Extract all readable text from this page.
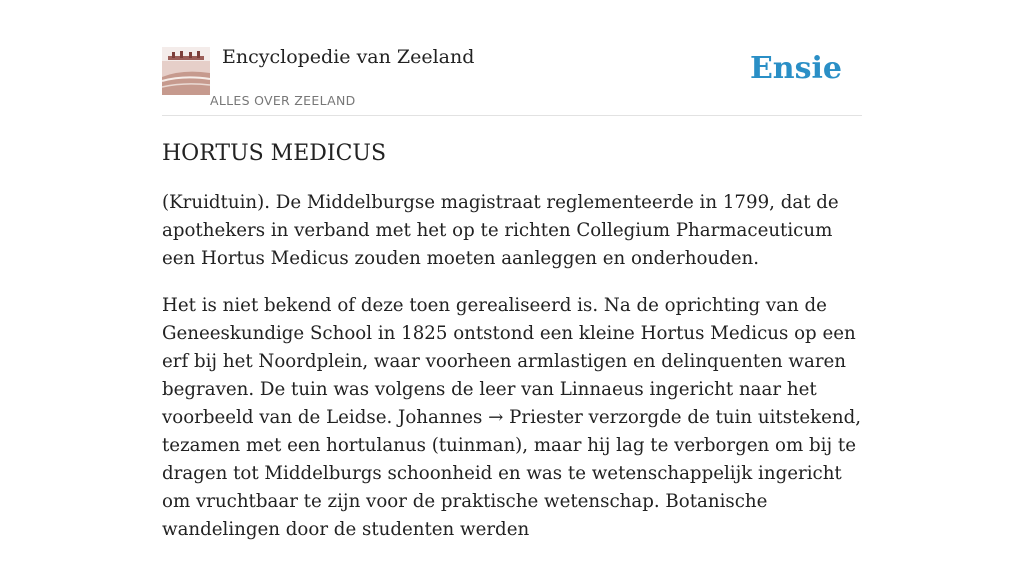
Encyclopedie van Zeeland
ALLES OVER ZEELAND
Ensie
HORTUS MEDICUS

(Kruidtuin). De Middelburgse magistraat reglementeerde in 1799, dat de apothekers in verband met het op te richten Collegium Pharmaceuticum een Hortus Medicus zouden moeten aanleggen en onderhouden.

Het is niet bekend of deze toen gerealiseerd is. Na de oprichting van de Geneeskundige School in 1825 ontstond een kleine Hortus Medicus op een erf bij het Noordplein, waar voorheen armlastigen en delinquenten waren begraven. De tuin was volgens de leer van Linnaeus ingericht naar het voorbeeld van de Leidse. Johannes → Priester verzorgde de tuin uitstekend, tezamen met een hortulanus (tuinman), maar hij lag te verborgen om bij te dragen tot Middelburgs schoonheid en was te wetenschappelijk ingericht om vruchtbaar te zijn voor de praktische wetenschap. Botanische wandelingen door de studenten werden
